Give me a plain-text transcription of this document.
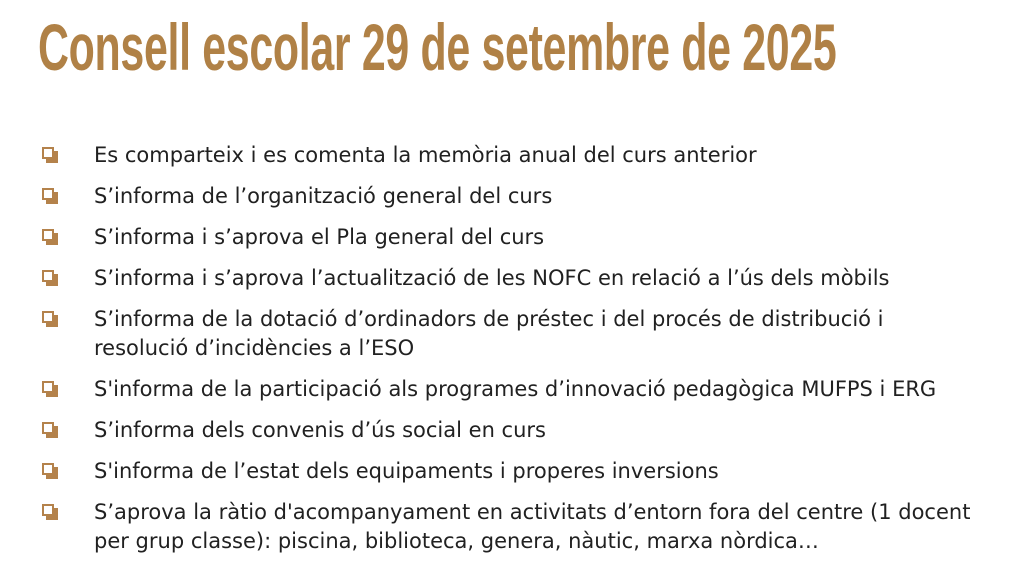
Consell escolar 29 de setembre de 2025
Es comparteix i es comenta la memòria anual del curs anterior
S’informa de l’organització general del curs
S’informa i s’aprova el Pla general del curs
S’informa i s’aprova l’actualització de les NOFC en relació a l’ús dels mòbils
S’informa de la dotació d’ordinadors de préstec i del procés de distribució i resolució d’incidències a l’ESO
S'informa de la participació als programes d’innovació pedagògica MUFPS i ERG
S’informa dels convenis d’ús social en curs
S'informa de l’estat dels equipaments i properes inversions
S’aprova la ràtio d'acompanyament en activitats d’entorn fora del centre (1 docent per grup classe): piscina, biblioteca, genera, nàutic, marxa nòrdica…
